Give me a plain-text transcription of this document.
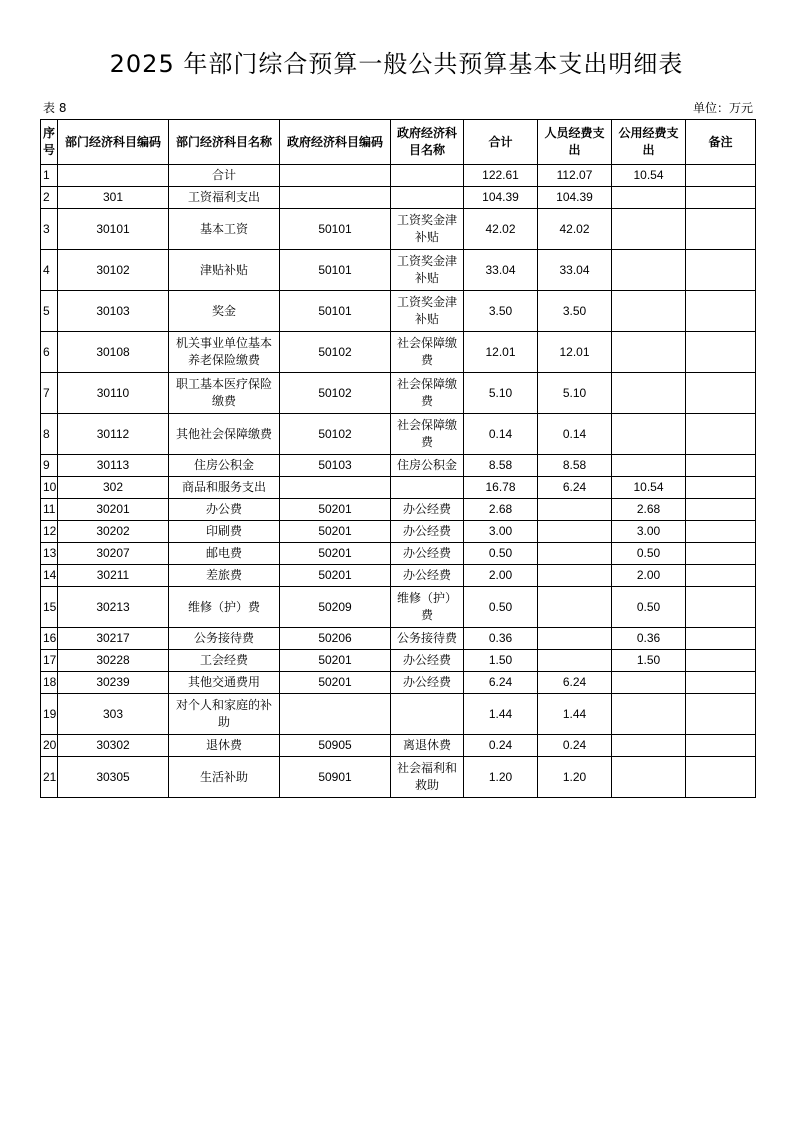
2025 年部门综合预算一般公共预算基本支出明细表
表 8	单位：万元
序号	部门经济科目编码	部门经济科目名称	政府经济科目编码	政府经济科目名称	合计	人员经费支出	公用经费支出	备注
1		合计			122.61	112.07	10.54	
2	301	工资福利支出			104.39	104.39		
3	30101	基本工资	50101	工资奖金津补贴	42.02	42.02		
4	30102	津贴补贴	50101	工资奖金津补贴	33.04	33.04		
5	30103	奖金	50101	工资奖金津补贴	3.50	3.50		
6	30108	机关事业单位基本养老保险缴费	50102	社会保障缴费	12.01	12.01		
7	30110	职工基本医疗保险缴费	50102	社会保障缴费	5.10	5.10		
8	30112	其他社会保障缴费	50102	社会保障缴费	0.14	0.14		
9	30113	住房公积金	50103	住房公积金	8.58	8.58		
10	302	商品和服务支出			16.78	6.24	10.54	
11	30201	办公费	50201	办公经费	2.68		2.68	
12	30202	印刷费	50201	办公经费	3.00		3.00	
13	30207	邮电费	50201	办公经费	0.50		0.50	
14	30211	差旅费	50201	办公经费	2.00		2.00	
15	30213	维修（护）费	50209	维修（护）费	0.50		0.50	
16	30217	公务接待费	50206	公务接待费	0.36		0.36	
17	30228	工会经费	50201	办公经费	1.50		1.50	
18	30239	其他交通费用	50201	办公经费	6.24	6.24		
19	303	对个人和家庭的补助			1.44	1.44		
20	30302	退休费	50905	离退休费	0.24	0.24		
21	30305	生活补助	50901	社会福利和救助	1.20	1.20		
